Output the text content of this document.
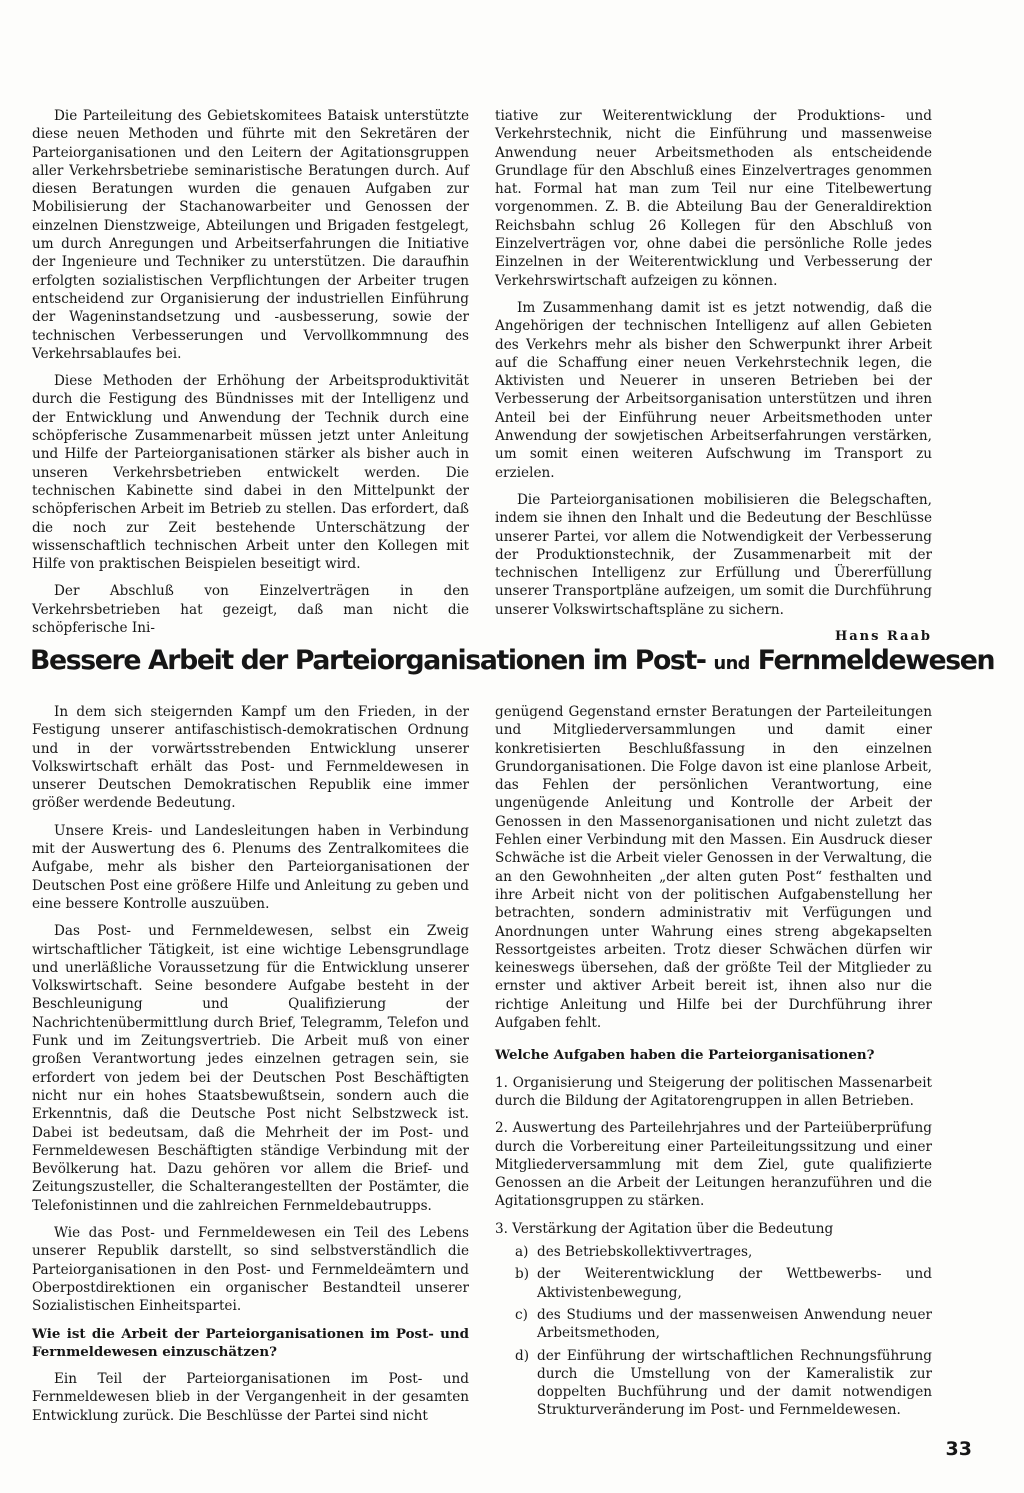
Die Parteileitung des Gebietskomitees Bataisk unterstützte diese neuen Methoden und führte mit den Sekretären der Parteiorganisationen und den Leitern der Agitationsgruppen aller Verkehrsbetriebe seminaristische Beratungen durch. Auf diesen Beratungen wurden die genauen Aufgaben zur Mobilisierung der Stachanowarbeiter und Genossen der einzelnen Dienstzweige, Abteilungen und Brigaden festgelegt, um durch Anregungen und Arbeitserfahrungen die Initiative der Ingenieure und Techniker zu unterstützen. Die daraufhin erfolgten sozialistischen Verpflichtungen der Arbeiter trugen entscheidend zur Organisierung der industriellen Einführung der Wageninstandsetzung und -ausbesserung, sowie der technischen Verbesserungen und Vervollkommnung des Verkehrsablaufes bei.

Diese Methoden der Erhöhung der Arbeitsproduktivität durch die Festigung des Bündnisses mit der Intelligenz und der Entwicklung und Anwendung der Technik durch eine schöpferische Zusammenarbeit müssen jetzt unter Anleitung und Hilfe der Parteiorganisationen stärker als bisher auch in unseren Verkehrsbetrieben entwickelt werden. Die technischen Kabinette sind dabei in den Mittelpunkt der schöpferischen Arbeit im Betrieb zu stellen. Das erfordert, daß die noch zur Zeit bestehende Unterschätzung der wissenschaftlich technischen Arbeit unter den Kollegen mit Hilfe von praktischen Beispielen beseitigt wird.

Der Abschluß von Einzelverträgen in den Verkehrsbetrieben hat gezeigt, daß man nicht die schöpferische Ini-

tiative zur Weiterentwicklung der Produktions- und Verkehrstechnik, nicht die Einführung und massenweise Anwendung neuer Arbeitsmethoden als entscheidende Grundlage für den Abschluß eines Einzelvertrages genommen hat. Formal hat man zum Teil nur eine Titelbewertung vorgenommen. Z. B. die Abteilung Bau der Generaldirektion Reichsbahn schlug 26 Kollegen für den Abschluß von Einzelverträgen vor, ohne dabei die persönliche Rolle jedes Einzelnen in der Weiterentwicklung und Verbesserung der Verkehrswirtschaft aufzeigen zu können.

Im Zusammenhang damit ist es jetzt notwendig, daß die Angehörigen der technischen Intelligenz auf allen Gebieten des Verkehrs mehr als bisher den Schwerpunkt ihrer Arbeit auf die Schaffung einer neuen Verkehrstechnik legen, die Aktivisten und Neuerer in unseren Betrieben bei der Verbesserung der Arbeitsorganisation unterstützen und ihren Anteil bei der Einführung neuer Arbeitsmethoden unter Anwendung der sowjetischen Arbeitserfahrungen verstärken, um somit einen weiteren Aufschwung im Transport zu erzielen.

Die Parteiorganisationen mobilisieren die Belegschaften, indem sie ihnen den Inhalt und die Bedeutung der Beschlüsse unserer Partei, vor allem die Notwendigkeit der Verbesserung der Produktionstechnik, der Zusammenarbeit mit der technischen Intelligenz zur Erfüllung und Übererfüllung unserer Transportpläne aufzeigen, um somit die Durchführung unserer Volkswirtschaftspläne zu sichern.

Hans Raab
Bessere Arbeit der Parteiorganisationen im Post- und Fernmeldewesen

In dem sich steigernden Kampf um den Frieden, in der Festigung unserer antifaschistisch-demokratischen Ordnung und in der vorwärtsstrebenden Entwicklung unserer Volkswirtschaft erhält das Post- und Fernmeldewesen in unserer Deutschen Demokratischen Republik eine immer größer werdende Bedeutung.

Unsere Kreis- und Landesleitungen haben in Verbindung mit der Auswertung des 6. Plenums des Zentralkomitees die Aufgabe, mehr als bisher den Parteiorganisationen der Deutschen Post eine größere Hilfe und Anleitung zu geben und eine bessere Kontrolle auszuüben.

Das Post- und Fernmeldewesen, selbst ein Zweig wirtschaftlicher Tätigkeit, ist eine wichtige Lebensgrundlage und unerläßliche Voraussetzung für die Entwicklung unserer Volkswirtschaft. Seine besondere Aufgabe besteht in der Beschleunigung und Qualifizierung der Nachrichtenübermittlung durch Brief, Telegramm, Telefon und Funk und im Zeitungsvertrieb. Die Arbeit muß von einer großen Verantwortung jedes einzelnen getragen sein, sie erfordert von jedem bei der Deutschen Post Beschäftigten nicht nur ein hohes Staatsbewußtsein, sondern auch die Erkenntnis, daß die Deutsche Post nicht Selbstzweck ist. Dabei ist bedeutsam, daß die Mehrheit der im Post- und Fernmeldewesen Beschäftigten ständige Verbindung mit der Bevölkerung hat. Dazu gehören vor allem die Brief- und Zeitungszusteller, die Schalterangestellten der Postämter, die Telefonistinnen und die zahlreichen Fernmeldebautrupps.

Wie das Post- und Fernmeldewesen ein Teil des Lebens unserer Republik darstellt, so sind selbstverständlich die Parteiorganisationen in den Post- und Fernmeldeämtern und Oberpostdirektionen ein organischer Bestandteil unserer Sozialistischen Einheitspartei.

Wie ist die Arbeit der Parteiorganisationen im Post- und Fernmeldewesen einzuschätzen?

Ein Teil der Parteiorganisationen im Post- und Fernmeldewesen blieb in der Vergangenheit in der gesamten Entwicklung zurück. Die Beschlüsse der Partei sind nicht

genügend Gegenstand ernster Beratungen der Parteileitungen und Mitgliederversammlungen und damit einer konkretisierten Beschlußfassung in den einzelnen Grundorganisationen. Die Folge davon ist eine planlose Arbeit, das Fehlen der persönlichen Verantwortung, eine ungenügende Anleitung und Kontrolle der Arbeit der Genossen in den Massenorganisationen und nicht zuletzt das Fehlen einer Verbindung mit den Massen. Ein Ausdruck dieser Schwäche ist die Arbeit vieler Genossen in der Verwaltung, die an den Gewohnheiten „der alten guten Post“ festhalten und ihre Arbeit nicht von der politischen Aufgabenstellung her betrachten, sondern administrativ mit Verfügungen und Anordnungen unter Wahrung eines streng abgekapselten Ressortgeistes arbeiten. Trotz dieser Schwächen dürfen wir keineswegs übersehen, daß der größte Teil der Mitglieder zu ernster und aktiver Arbeit bereit ist, ihnen also nur die richtige Anleitung und Hilfe bei der Durchführung ihrer Aufgaben fehlt.

Welche Aufgaben haben die Parteiorganisationen?

1. Organisierung und Steigerung der politischen Massenarbeit durch die Bildung der Agitatorengruppen in allen Betrieben.

2. Auswertung des Parteilehrjahres und der Parteiüberprüfung durch die Vorbereitung einer Parteileitungssitzung und einer Mitgliederversammlung mit dem Ziel, gute qualifizierte Genossen an die Arbeit der Leitungen heranzuführen und die Agitationsgruppen zu stärken.

3. Verstärkung der Agitation über die Bedeutung

a) des Betriebskollektivvertrages,
b) der Weiterentwicklung der Wettbewerbs- und Aktivistenbewegung,
c) des Studiums und der massenweisen Anwendung neuer Arbeitsmethoden,
d) der Einführung der wirtschaftlichen Rechnungsführung durch die Umstellung von der Kameralistik zur doppelten Buchführung und der damit notwendigen Strukturveränderung im Post- und Fernmeldewesen.
33
